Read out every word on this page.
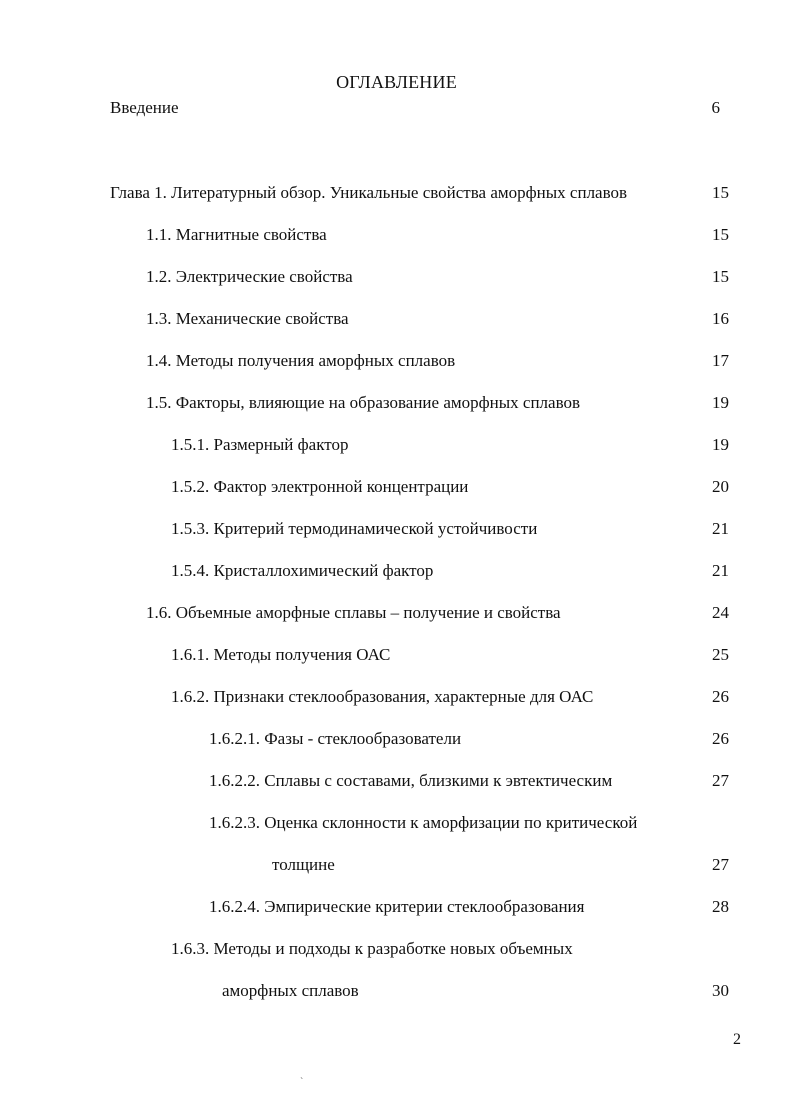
ОГЛАВЛЕНИЕ
Введение	6
Глава 1. Литературный обзор. Уникальные свойства аморфных сплавов	15
1.1. Магнитные свойства	15
1.2. Электрические свойства	15
1.3. Механические свойства	16
1.4. Методы получения аморфных сплавов	17
1.5. Факторы, влияющие на образование аморфных сплавов	19
1.5.1. Размерный фактор	19
1.5.2. Фактор электронной концентрации	20
1.5.3. Критерий термодинамической устойчивости	21
1.5.4. Кристаллохимический фактор	21
1.6. Объемные аморфные сплавы – получение и свойства	24
1.6.1. Методы получения ОАС	25
1.6.2. Признаки стеклообразования, характерные для ОАС	26
1.6.2.1. Фазы - стеклообразователи	26
1.6.2.2. Сплавы с составами, близкими к эвтектическим	27
1.6.2.3. Оценка склонности к аморфизации по критической
толщине	27
1.6.2.4. Эмпирические критерии стеклообразования	28
1.6.3. Методы и подходы к разработке новых объемных
аморфных сплавов	30
2
`
